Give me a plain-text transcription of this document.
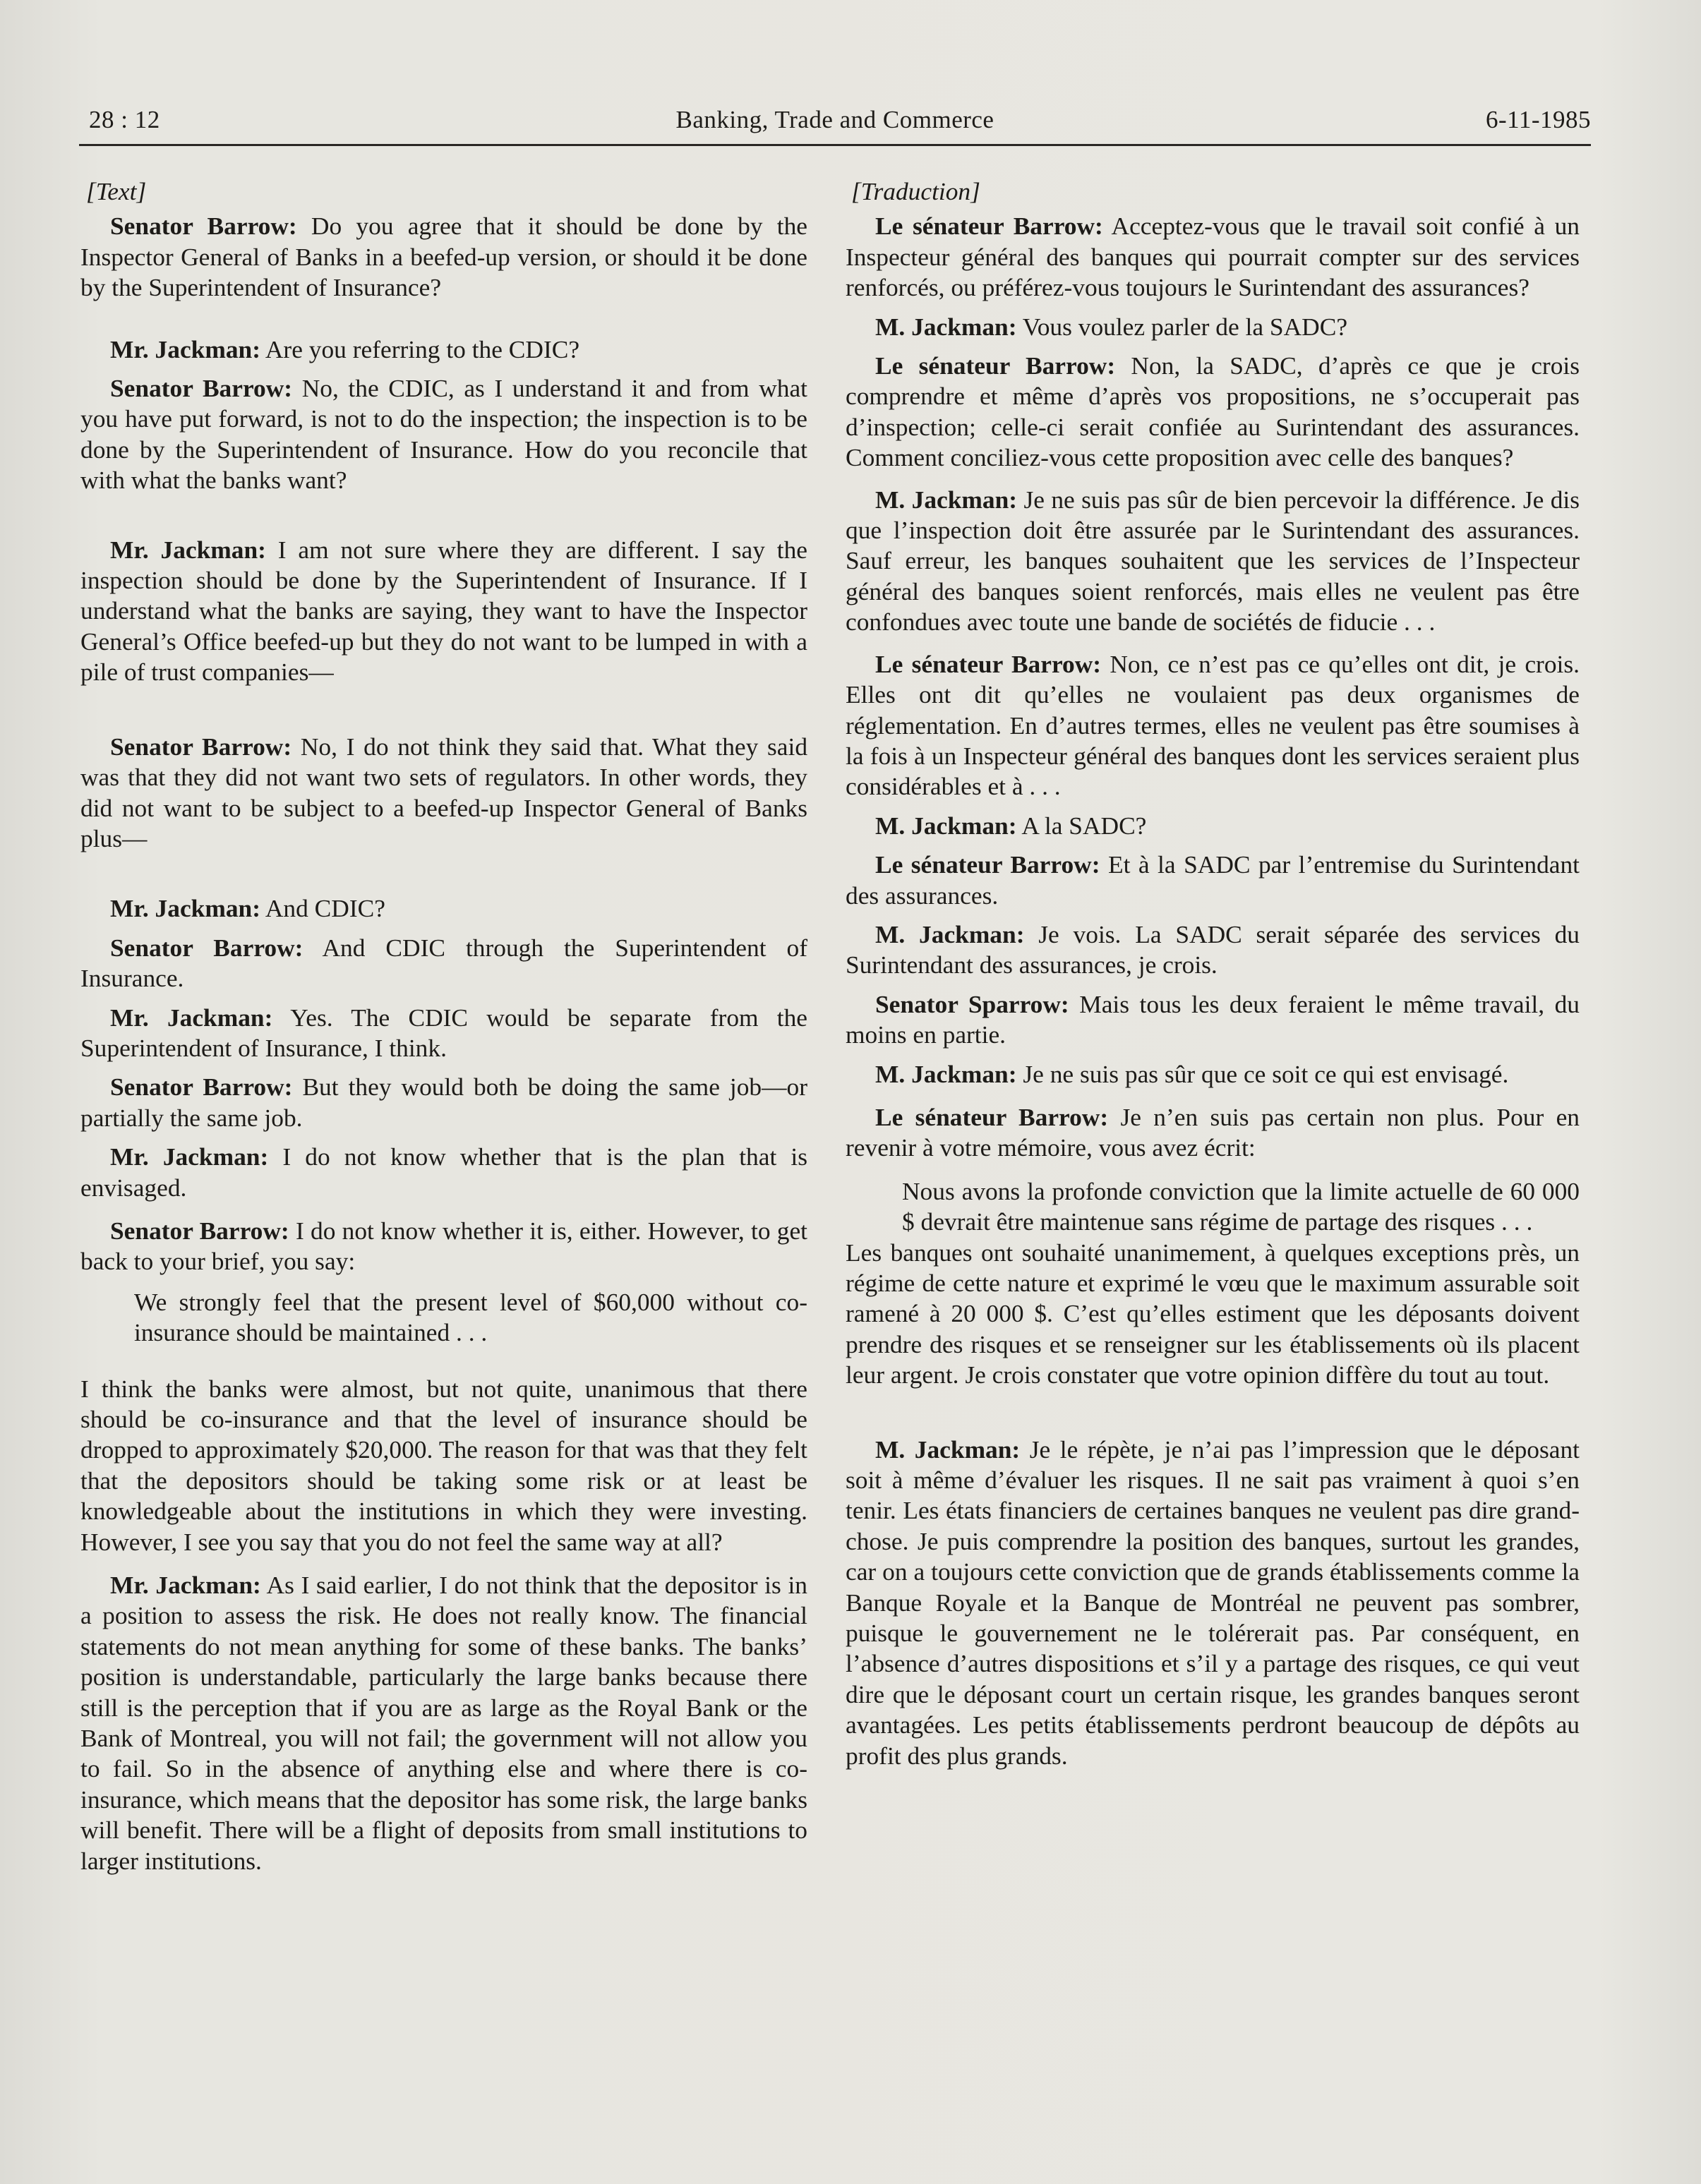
28 : 12	Banking, Trade and Commerce	6-11-1985
[Text]

Senator Barrow: Do you agree that it should be done by the Inspector General of Banks in a beefed-up version, or should it be done by the Superintendent of Insurance?

Mr. Jackman: Are you referring to the CDIC?

Senator Barrow: No, the CDIC, as I understand it and from what you have put forward, is not to do the inspection; the inspection is to be done by the Superintendent of Insurance. How do you reconcile that with what the banks want?

Mr. Jackman: I am not sure where they are different. I say the inspection should be done by the Superintendent of Insurance. If I understand what the banks are saying, they want to have the Inspector General’s Office beefed-up but they do not want to be lumped in with a pile of trust companies—

Senator Barrow: No, I do not think they said that. What they said was that they did not want two sets of regulators. In other words, they did not want to be subject to a beefed-up Inspector General of Banks plus—

Mr. Jackman: And CDIC?

Senator Barrow: And CDIC through the Superintendent of Insurance.

Mr. Jackman: Yes. The CDIC would be separate from the Superintendent of Insurance, I think.

Senator Barrow: But they would both be doing the same job—or partially the same job.

Mr. Jackman: I do not know whether that is the plan that is envisaged.

Senator Barrow: I do not know whether it is, either. However, to get back to your brief, you say:

We strongly feel that the present level of $60,000 without co-insurance should be maintained . . .

I think the banks were almost, but not quite, unanimous that there should be co-insurance and that the level of insurance should be dropped to approximately $20,000. The reason for that was that they felt that the depositors should be taking some risk or at least be knowledgeable about the institutions in which they were investing. However, I see you say that you do not feel the same way at all?

Mr. Jackman: As I said earlier, I do not think that the depositor is in a position to assess the risk. He does not really know. The financial statements do not mean anything for some of these banks. The banks’ position is understandable, particularly the large banks because there still is the perception that if you are as large as the Royal Bank or the Bank of Montreal, you will not fail; the government will not allow you to fail. So in the absence of anything else and where there is co-insurance, which means that the depositor has some risk, the large banks will benefit. There will be a flight of deposits from small institutions to larger institutions.

[Traduction]

Le sénateur Barrow: Acceptez-vous que le travail soit confié à un Inspecteur général des banques qui pourrait compter sur des services renforcés, ou préférez-vous toujours le Surintendant des assurances?

M. Jackman: Vous voulez parler de la SADC?

Le sénateur Barrow: Non, la SADC, d’après ce que je crois comprendre et même d’après vos propositions, ne s’occuperait pas d’inspection; celle-ci serait confiée au Surintendant des assurances. Comment conciliez-vous cette proposition avec celle des banques?

M. Jackman: Je ne suis pas sûr de bien percevoir la différence. Je dis que l’inspection doit être assurée par le Surintendant des assurances. Sauf erreur, les banques souhaitent que les services de l’Inspecteur général des banques soient renforcés, mais elles ne veulent pas être confondues avec toute une bande de sociétés de fiducie . . .

Le sénateur Barrow: Non, ce n’est pas ce qu’elles ont dit, je crois. Elles ont dit qu’elles ne voulaient pas deux organismes de réglementation. En d’autres termes, elles ne veulent pas être soumises à la fois à un Inspecteur général des banques dont les services seraient plus considérables et à . . .

M. Jackman: A la SADC?

Le sénateur Barrow: Et à la SADC par l’entremise du Surintendant des assurances.

M. Jackman: Je vois. La SADC serait séparée des services du Surintendant des assurances, je crois.

Senator Sparrow: Mais tous les deux feraient le même travail, du moins en partie.

M. Jackman: Je ne suis pas sûr que ce soit ce qui est envisagé.

Le sénateur Barrow: Je n’en suis pas certain non plus. Pour en revenir à votre mémoire, vous avez écrit:

Nous avons la profonde conviction que la limite actuelle de 60 000 $ devrait être maintenue sans régime de partage des risques . . .

Les banques ont souhaité unanimement, à quelques exceptions près, un régime de cette nature et exprimé le vœu que le maximum assurable soit ramené à 20 000 $. C’est qu’elles estiment que les déposants doivent prendre des risques et se renseigner sur les établissements où ils placent leur argent. Je crois constater que votre opinion diffère du tout au tout.

M. Jackman: Je le répète, je n’ai pas l’impression que le déposant soit à même d’évaluer les risques. Il ne sait pas vraiment à quoi s’en tenir. Les états financiers de certaines banques ne veulent pas dire grand-chose. Je puis comprendre la position des banques, surtout les grandes, car on a toujours cette conviction que de grands établissements comme la Banque Royale et la Banque de Montréal ne peuvent pas sombrer, puisque le gouvernement ne le tolérerait pas. Par conséquent, en l’absence d’autres dispositions et s’il y a partage des risques, ce qui veut dire que le déposant court un certain risque, les grandes banques seront avantagées. Les petits établissements perdront beaucoup de dépôts au profit des plus grands.
